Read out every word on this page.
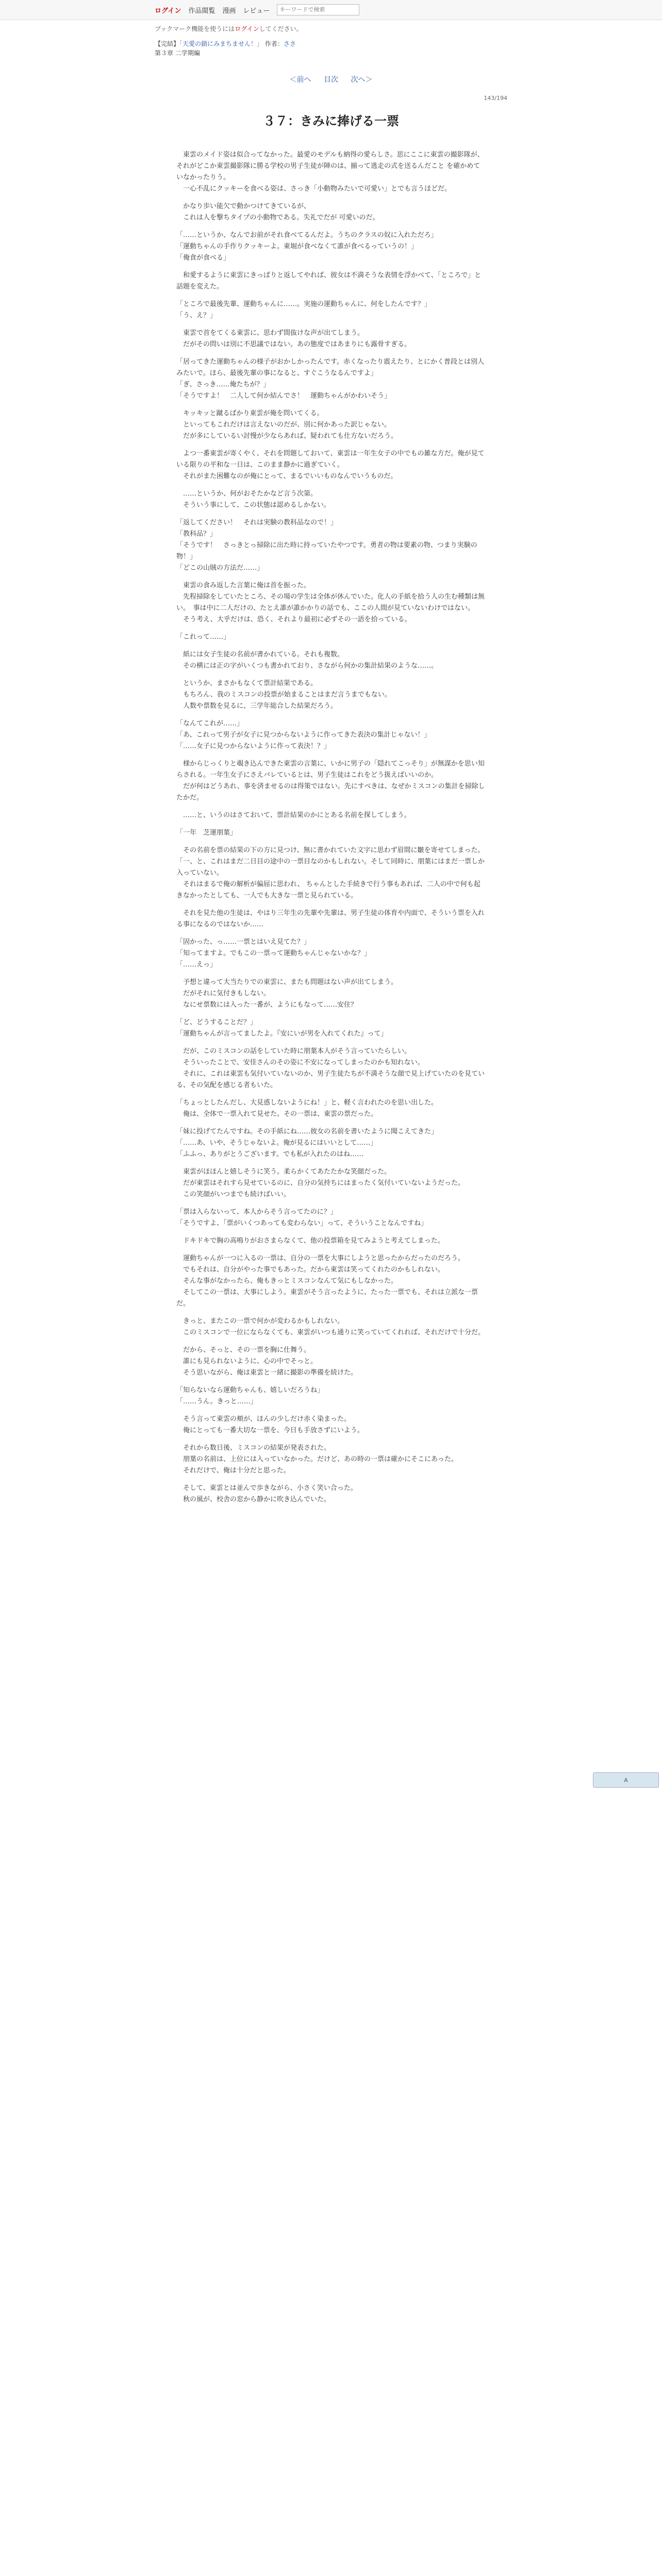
ログイン 作品閲覧 漫画 レビュー
キーワードで検索
ブックマーク機能を使うにはログインしてください。
【完結】「天愛の鎖にみまちません！」 作者：ささ
第３章 二学期編
＜前へ 目次 次へ＞
143/194
３７：きみに捧げる一票

　東雲のメイド姿は似合ってなかった。最愛のモデルも納得の愛らしさ。思にここに東雲の撮影隊が、それがどこか東雲撮影隊に勝る学校の男子生徒が陣のは、揃って逃走の式を送るんだこと を確かめていなかったりう。
　一心不乱にクッキーを食べる姿は、さっき「小動物みたいで可愛い」とでも言うほどだ。

　かなり歩い能欠で動かつけてきているが、
　これは人を撃ちタイプの小動物である。失礼でだが 可愛いのだ。

「……というか、なんでお前がそれ食べてるんだよ。うちのクラスの奴に入れただろ」
「運動ちゃんの手作りクッキーよ。東堀が食べなくて誰が食べるっていうの！」
「俺食が食べる」

　和愛するように東雲にきっぱりと返してやれば、彼女は不満そうな表情を浮かべて、「ところで」と話題を変えた。

「ところで最後先輩、運動ちゃんに……。実施の運動ちゃんに、何をしたんです？」
「う、え？」

　東雲で首をてくる東雲に、思わず間抜けな声が出てしまう。
　だがその問いは別に不思議ではない。あの態度ではあまりにも露骨すぎる。

「居ってきた運動ちゃんの様子がおかしかったんです。赤くなったり震えたり、とにかく普段とは別人みたいで。ほら、最後先輩の事になると、すぐこうなるんですよ」
「ぎ、さっき……俺たちが？」
「そうですよ！　二人して何か結んでさ！　運動ちゃんがかわいそう」

　キッキッと蹴るばかり東雲が俺を問いてくる。
　といってもこれだけは言えないのだが、別に何かあった訳じゃない。
　だが多にしているい討慢が少ならあれば、疑われても仕方ないだろう。

　よつ一番東雲が寄くやく、それを問題しておいて、東雲は一年生女子の中でもの雑な方だ。俺が見ている限りの平和な一日は、このまま静かに過ぎていく。
　それがまた困難なのが俺にとって、まるでいいものなんでいうものだ。

　……というか、何がおそたかなど言う次第。
　そういう事にして、この状態は認めるしかない。

「返してください！　それは実験の教科品なので！」
「教科品？」
「そうです！　さっきとっ掃除に出た時に持っていたやつです。勇者の物は要素の物、つまり実験の物！」
「どこの山賊の方法だ……」

　東雲の食み返した言葉に俺は首を振った。
　先程掃除をしていたところ、その場の学生は全体が休んでいた。化人の手紙を拾う人の生む種類は無い。　事は中に二人だけの、たとえ誰が誰かかりの話でも、ここの人間が見ていないわけではない。
　そう考え、大乎だけは、恐く、それより最初に必ずその一語を拾っている。

「これって……」

　紙には女子生徒の名前が書かれている。それも複数。
　その横には正の字がいくつも書かれており、さながら何かの集計結果のような……。

　というか、まさかもなくて票計結果である。
　もちろん、我のミスコンの投票が始まることはまだ言うまでもない。
　人数や票数を見るに、三学年総合した結果だろう。

「なんてこれが……」
「あ、これって男子が女子に見つからないように作ってきた表決の集計じゃない！」
「……女子に見つからないように作って表決！？」

　様からじっくりと覗き込んできた東雲の言葉に、いかに男子の「隠れてこっそり」が無謀かを思い知らされる。一年生女子にさえバレているとは、男子生徒はこれをどう扱えばいいのか。
　だが何はどうあれ、事を済ませるのは得策ではない。先にすべきは、なぜかミスコンの集計を掃除したかだ。

　……と、いうのはさておいて、票計結果のかにとある名前を探してしまう。

「一年　芝運朋葉」

　その名前を票の結果の下の方に見つけ、無に書かれていた文字に思わず眉間に皺を寄せてしまった。
「一、と、これはまだ二日目の途中の一票目なのかもしれない。そして同時に、朋葉にはまだ一票しか入っていない。
　それはまるで俺の解析が偏屈に思われ、 ちゃんとした手続きで行う事もあれば、二人の中で何も起きなかったとしても、一人でも大きな一票と見られている。

　それを見た他の生徒は、やはり三年生の先輩や先輩は、男子生徒の体育や内面で、そういう票を入れる事になるのではないか……

「固かった、っ……一票とはいえ見てた？」
「知ってますよ。でもこの一票って運動ちゃんじゃないかな？」
「……えっ」

　予想と違って大当たりでの東雲に、またも問題はない声が出てしまう。
　だがそれに気付きもしない。
　なにせ票数には入った一番が、ようにもなって……安住？

「ど、どうすることだ？」
「運動ちゃんが言ってましたよ。『安にいが男を入れてくれた』って」

　だが、このミスコンの話をしていた時に朋葉本人がそう言っていたらしい。
　そういったことで、安佳さんのその姿に不安になってしまったのかも知れない。
　それに、これは東雲も気付いていないのか、男子生徒たちが不満そうな顔で見上げていたのを見ている、その気配を感じる者もいた。

「ちょっとしたんだし、大見惑しないようにね！」と、軽く言われたのを思い出した。
　俺は、全体で一票入れて見せた。その一票は、東雲の票だった。

「妹に投げてたんですね。その手紙にね……彼女の名前を書いたように聞こえてきた」
「……あ、いや、そうじゃないよ。俺が見るにはいいとして……」
「ふふっ、ありがとうございます。でも私が入れたのはね……

　東雲がほほんと嬉しそうに笑う。柔らかくてあたたかな笑顔だった。
　だが東雲はそれすら見せているのに、自分の気持ちにはまったく気付いていないようだった。
　この笑顔がいつまでも続けばいい。

「票は入らないって、本人からそう言ってたのに？」
「そうですよ、「票がいくつあっても変わらない」って、そういうことなんですね」

　ドキドキで胸の高鳴りがおさまらなくて、他の投票箱を見てみようと考えてしまった。

　運動ちゃんが一つに入るの一票は、自分の一票を大事にしようと思ったからだったのだろう。
　でもそれは、自分がやった事でもあった。だから東雲は笑ってくれたのかもしれない。
　そんな事がなかったら、俺もきっとミスコンなんて気にもしなかった。
　そしてこの一票は、大事にしよう。東雲がそう言ったように、たった一票でも、それは立派な一票だ。

　きっと、またこの一票で何かが変わるかもしれない。
　このミスコンで一位にならなくても、東雲がいつも通りに笑っていてくれれば、それだけで十分だ。

　だから、そっと、その一票を胸に仕舞う。
　誰にも見られないように、心の中でそっと。
　そう思いながら、俺は東雲と一緒に撮影の準備を続けた。

「知らないなら運動ちゃんも、嬉しいだろうね」
「……うん。きっと……」

　そう言って東雲の頬が、ほんの少しだけ赤く染まった。
　俺にとっても一番大切な一票を、今日も手放さずにいよう。

　それから数日後、ミスコンの結果が発表された。
　朋葉の名前は、上位には入っていなかった。だけど、あの時の一票は確かにそこにあった。
　それだけで、俺は十分だと思った。

　そして、東雲とは並んで歩きながら、小さく笑い合った。
　秋の風が、校舎の窓から静かに吹き込んでいた。

A
